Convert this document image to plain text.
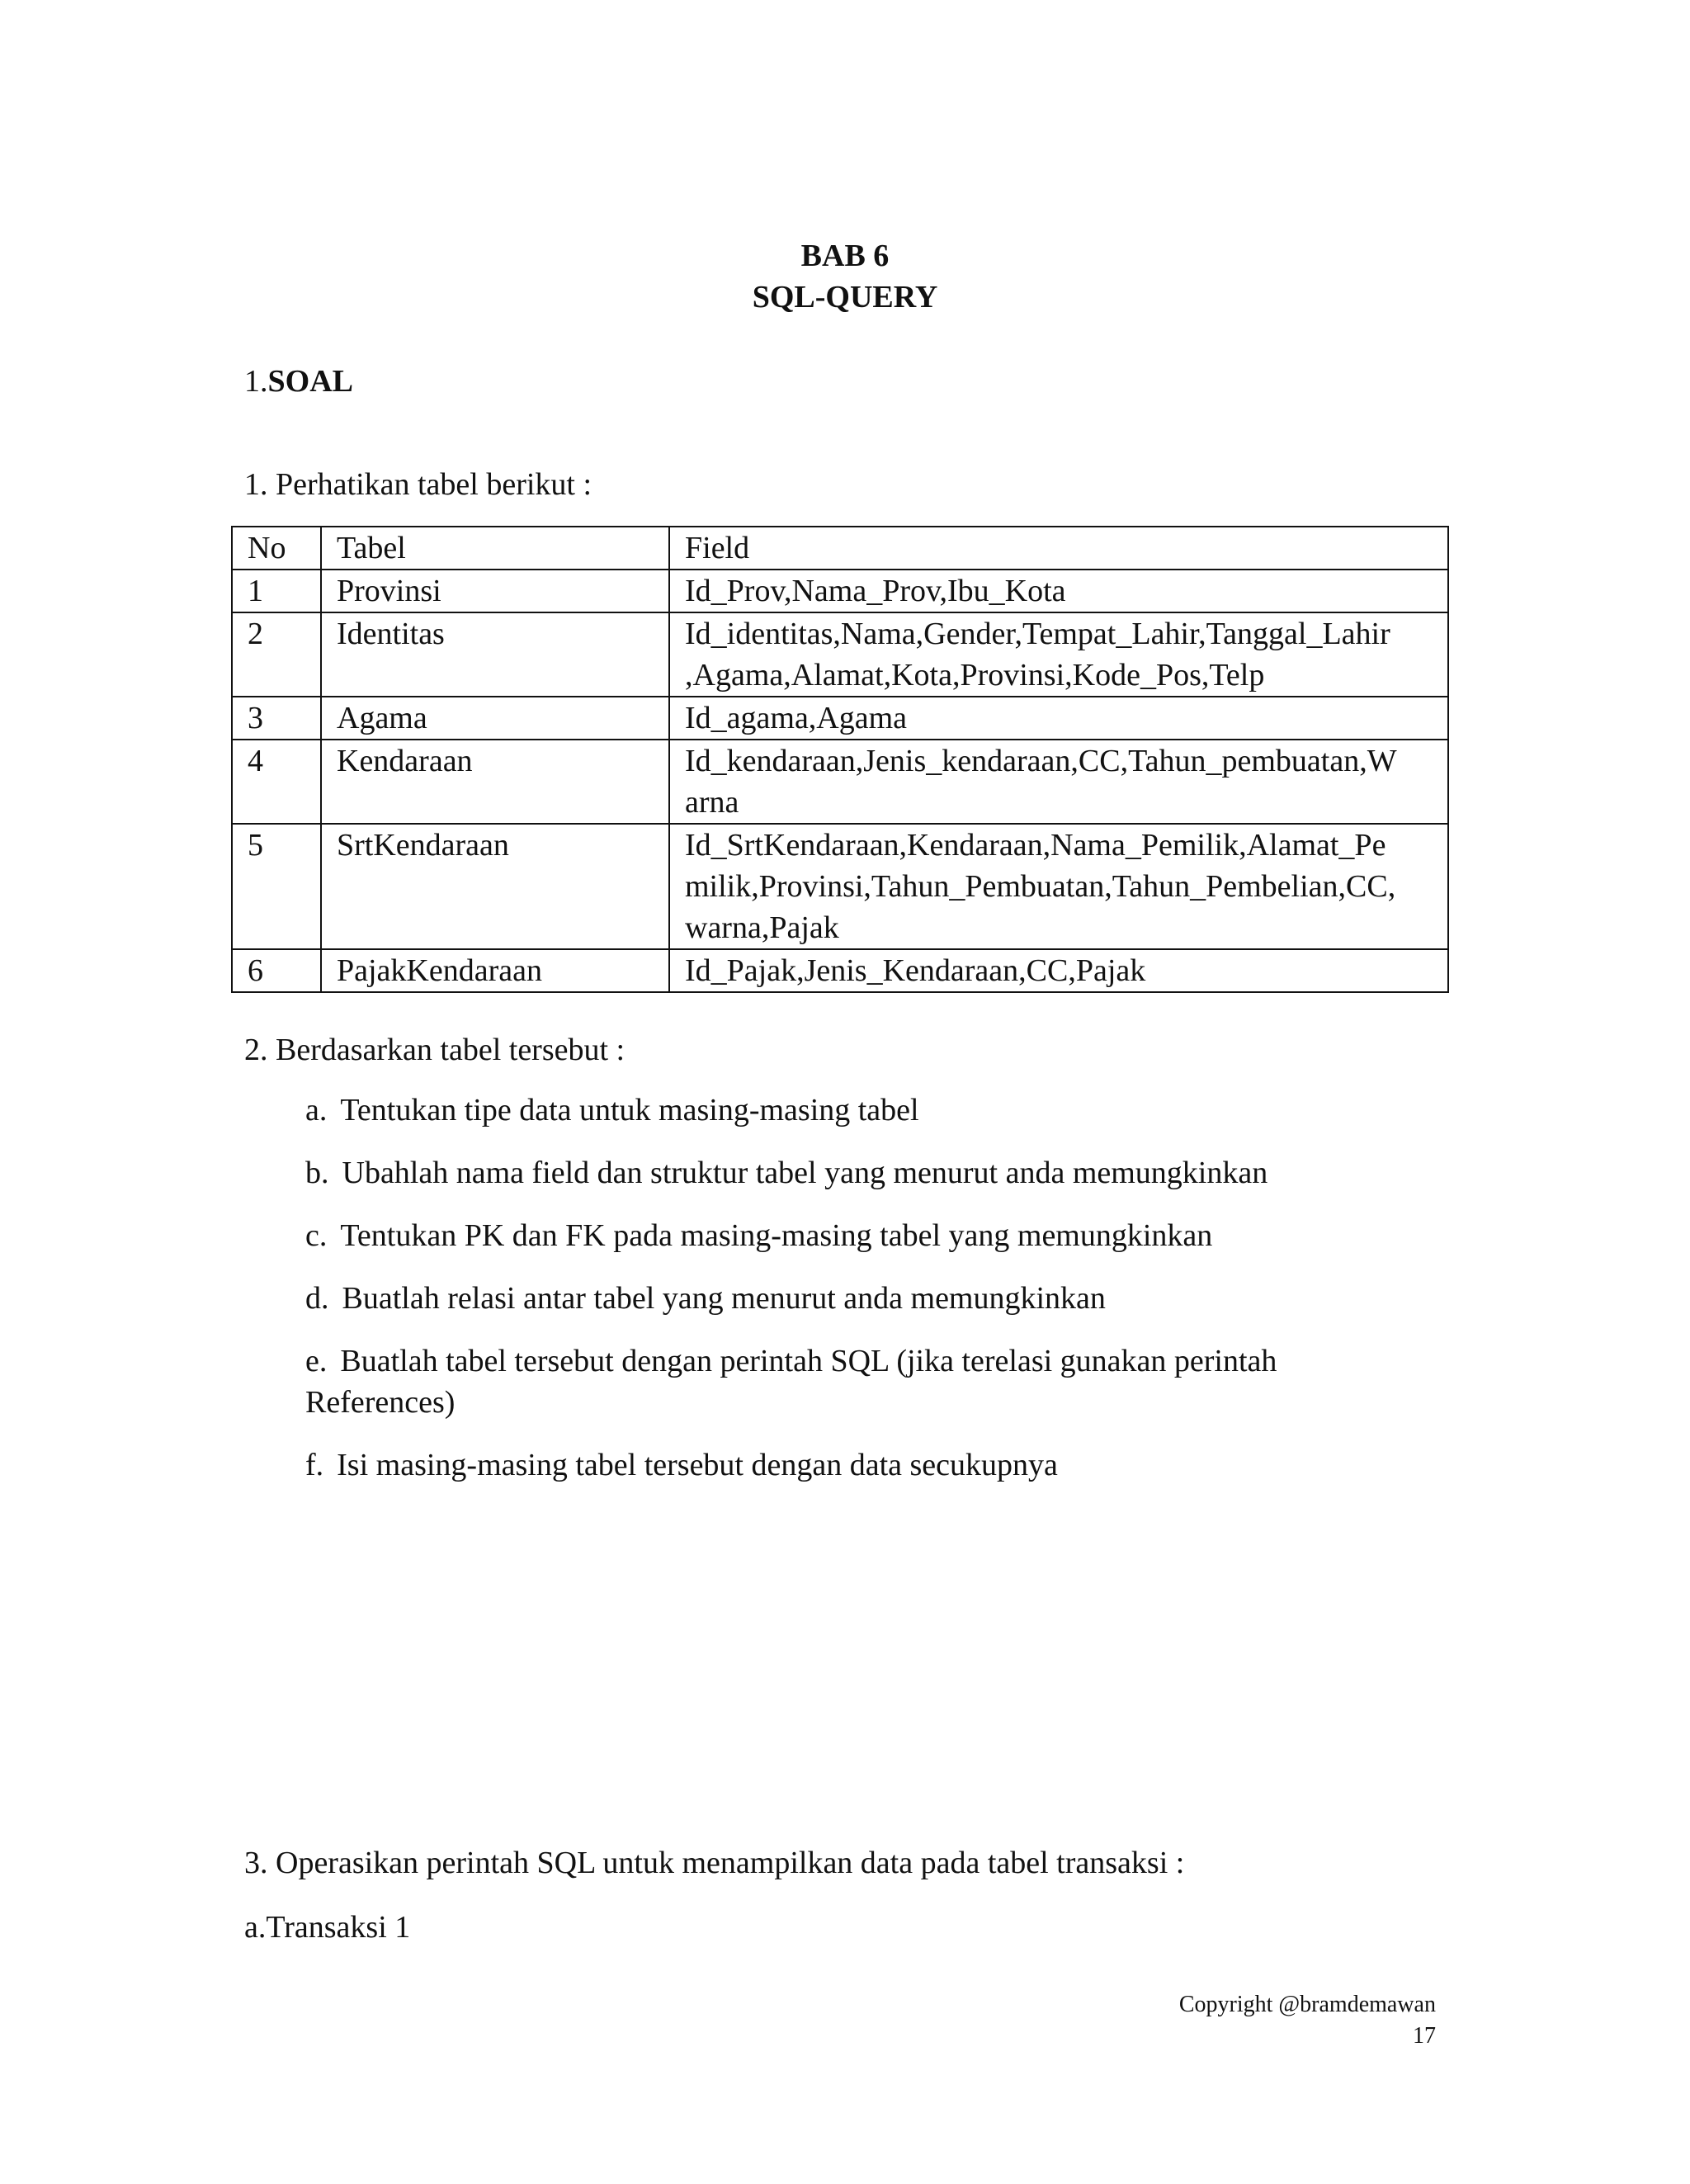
BAB 6
SQL-QUERY
1.SOAL
1. Perhatikan tabel berikut :
No	Tabel	Field
1	Provinsi	Id_Prov,Nama_Prov,Ibu_Kota

2	Identitas	Id_identitas,Nama,Gender,Tempat_Lahir,Tanggal_Lahir
,Agama,Alamat,Kota,Provinsi,Kode_Pos,Telp

3	Agama	Id_agama,Agama

4	Kendaraan	Id_kendaraan,Jenis_kendaraan,CC,Tahun_pembuatan,W
arna

5	SrtKendaraan	Id_SrtKendaraan,Kendaraan,Nama_Pemilik,Alamat_Pe
milik,Provinsi,Tahun_Pembuatan,Tahun_Pembelian,CC,
warna,Pajak

6	PajakKendaraan	Id_Pajak,Jenis_Kendaraan,CC,Pajak
2. Berdasarkan tabel tersebut :
a. Tentukan tipe data untuk masing-masing tabel
b. Ubahlah nama field dan struktur tabel yang menurut anda memungkinkan
c. Tentukan PK dan FK pada masing-masing tabel yang memungkinkan
d. Buatlah relasi antar tabel yang menurut anda memungkinkan
e. Buatlah tabel tersebut dengan perintah SQL (jika terelasi gunakan perintah References)
f. Isi masing-masing tabel tersebut dengan data secukupnya
3. Operasikan perintah SQL untuk menampilkan data pada tabel transaksi :
a.Transaksi 1
Copyright @bramdemawan
17
